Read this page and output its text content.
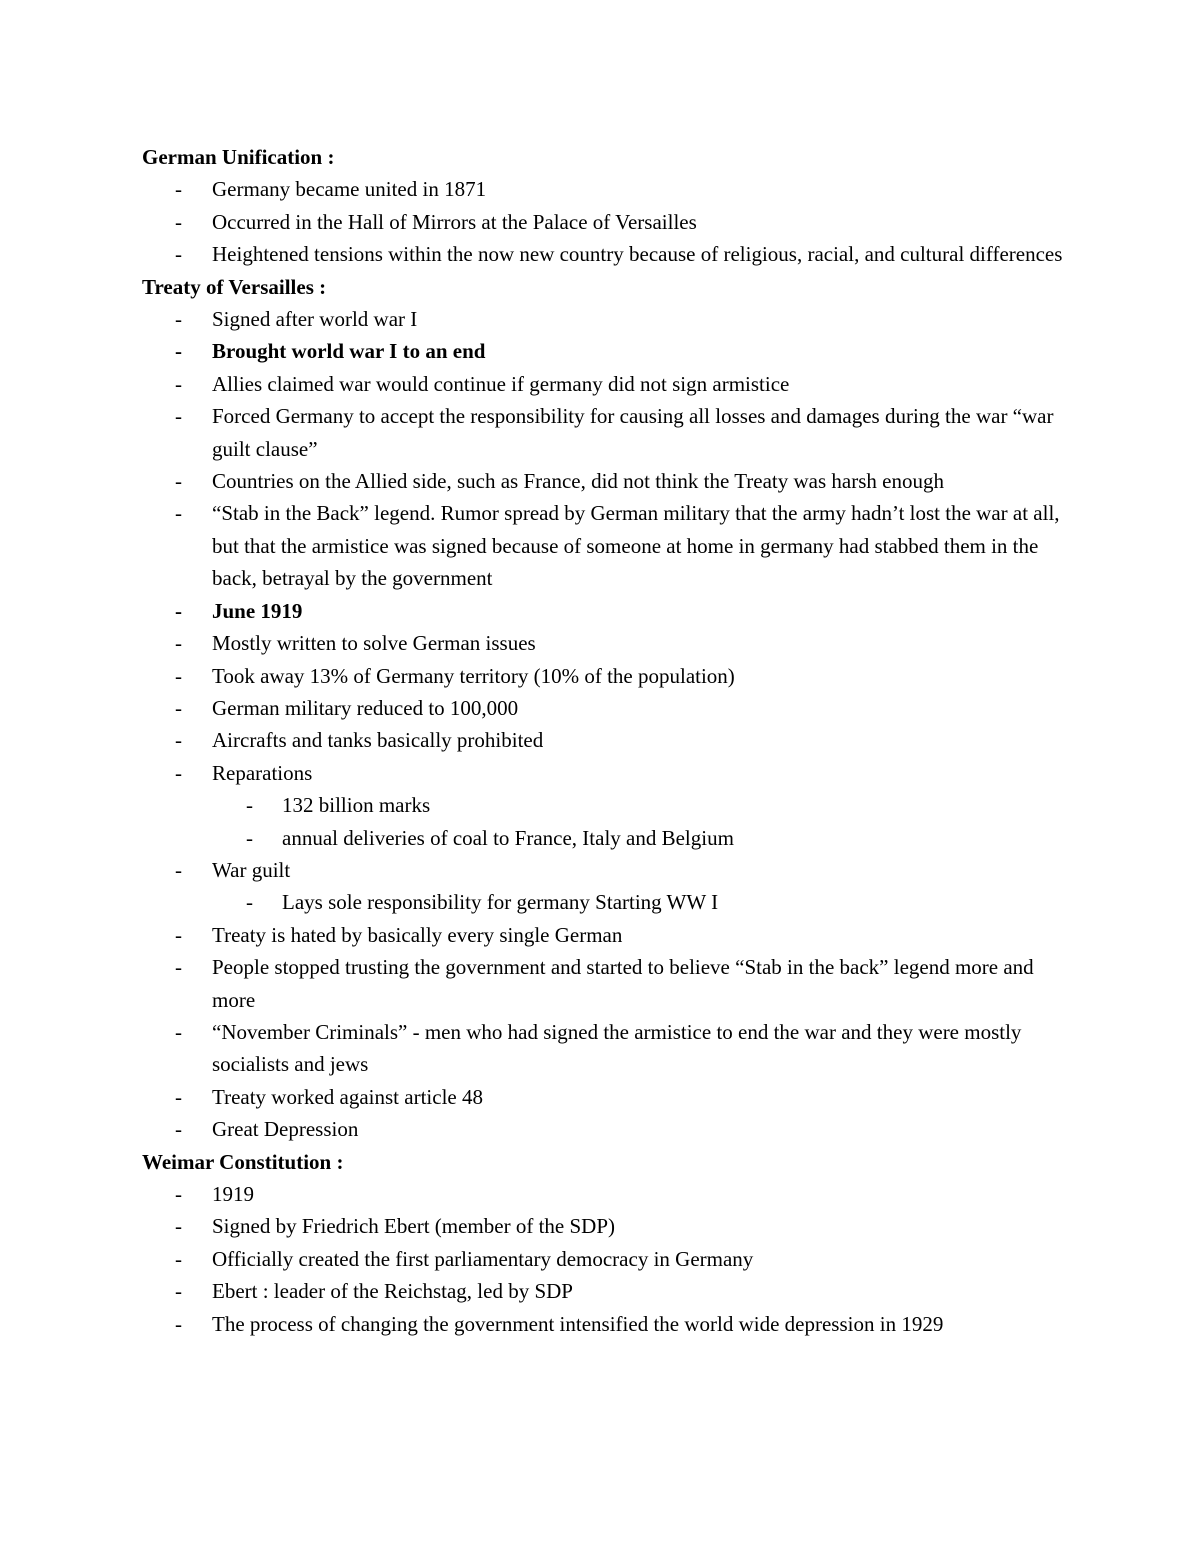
German Unification :
-	Germany became united in 1871
-	Occurred in the Hall of Mirrors at the Palace of Versailles
-	Heightened tensions within the now new country because of religious, racial, and cultural differences
Treaty of Versailles :
-	Signed after world war I
-	Brought world war I to an end
-	Allies claimed war would continue if germany did not sign armistice
-	Forced Germany to accept the responsibility for causing all losses and damages during the war “war guilt clause”
-	Countries on the Allied side, such as France, did not think the Treaty was harsh enough
-	“Stab in the Back” legend. Rumor spread by German military that the army hadn’t lost the war at all, but that the armistice was signed because of someone at home in germany had stabbed them in the back, betrayal by the government
-	June 1919
-	Mostly written to solve German issues
-	Took away 13% of Germany territory (10% of the population)
-	German military reduced to 100,000
-	Aircrafts and tanks basically prohibited
-	Reparations
-	132 billion marks
-	annual deliveries of coal to France, Italy and Belgium
-	War guilt
-	Lays sole responsibility for germany Starting WW I
-	Treaty is hated by basically every single German
-	People stopped trusting the government and started to believe “Stab in the back” legend more and more
-	“November Criminals” - men who had signed the armistice to end the war and they were mostly socialists and jews
-	Treaty worked against article 48
-	Great Depression
Weimar Constitution :
-	1919
-	Signed by Friedrich Ebert (member of the SDP)
-	Officially created the first parliamentary democracy in Germany
-	Ebert : leader of the Reichstag, led by SDP
-	The process of changing the government intensified the world wide depression in 1929
